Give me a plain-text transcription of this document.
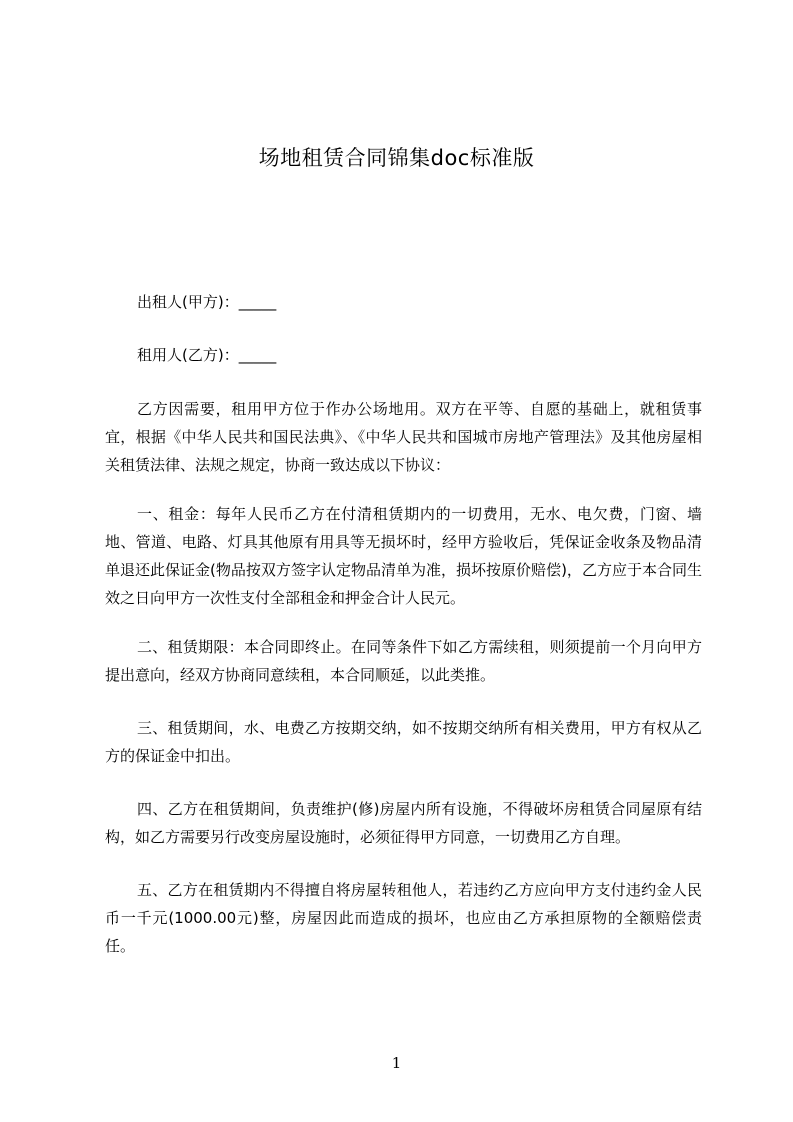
场地租赁合同锦集doc标准版
出租人(甲方)：_____
租用人(乙方)：_____

乙方因需要，租用甲方位于作办公场地用。双方在平等、自愿的基础上，就租赁事宜，根据《中华人民共和国民法典》、《中华人民共和国城市房地产管理法》及其他房屋相关租赁法律、法规之规定，协商一致达成以下协议：

一、租金：每年人民币乙方在付清租赁期内的一切费用，无水、电欠费，门窗、墙地、管道、电路、灯具其他原有用具等无损坏时，经甲方验收后，凭保证金收条及物品清单退还此保证金(物品按双方签字认定物品清单为准，损坏按原价赔偿)，乙方应于本合同生效之日向甲方一次性支付全部租金和押金合计人民元。

二、租赁期限：本合同即终止。在同等条件下如乙方需续租，则须提前一个月向甲方提出意向，经双方协商同意续租，本合同顺延，以此类推。

三、租赁期间，水、电费乙方按期交纳，如不按期交纳所有相关费用，甲方有权从乙方的保证金中扣出。

四、乙方在租赁期间，负责维护(修)房屋内所有设施，不得破坏房租赁合同屋原有结构，如乙方需要另行改变房屋设施时，必须征得甲方同意，一切费用乙方自理。

五、乙方在租赁期内不得擅自将房屋转租他人，若违约乙方应向甲方支付违约金人民币一千元(1000.00元)整，房屋因此而造成的损坏，也应由乙方承担原物的全额赔偿责任。

1
